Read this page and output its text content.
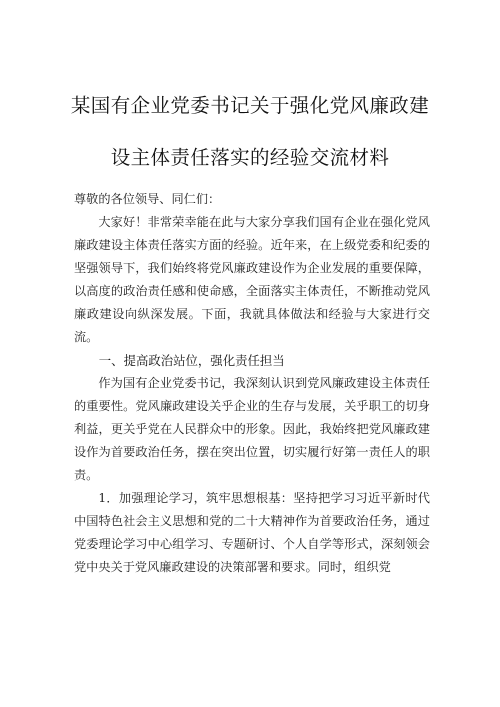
某国有企业党委书记关于强化党风廉政建
设主体责任落实的经验交流材料

尊敬的各位领导、同仁们：

大家好！非常荣幸能在此与大家分享我们国有企业在强化党风廉政建设主体责任落实方面的经验。近年来，在上级党委和纪委的坚强领导下，我们始终将党风廉政建设作为企业发展的重要保障，以高度的政治责任感和使命感，全面落实主体责任，不断推动党风廉政建设向纵深发展。下面，我就具体做法和经验与大家进行交流。

一、提高政治站位，强化责任担当

作为国有企业党委书记，我深刻认识到党风廉政建设主体责任的重要性。党风廉政建设关乎企业的生存与发展，关乎职工的切身利益，更关乎党在人民群众中的形象。因此，我始终把党风廉政建设作为首要政治任务，摆在突出位置，切实履行好第一责任人的职责。

1．加强理论学习，筑牢思想根基：坚持把学习习近平新时代中国特色社会主义思想和党的二十大精神作为首要政治任务，通过党委理论学习中心组学习、专题研讨、个人自学等形式，深刻领会党中央关于党风廉政建设的决策部署和要求。同时，组织党
